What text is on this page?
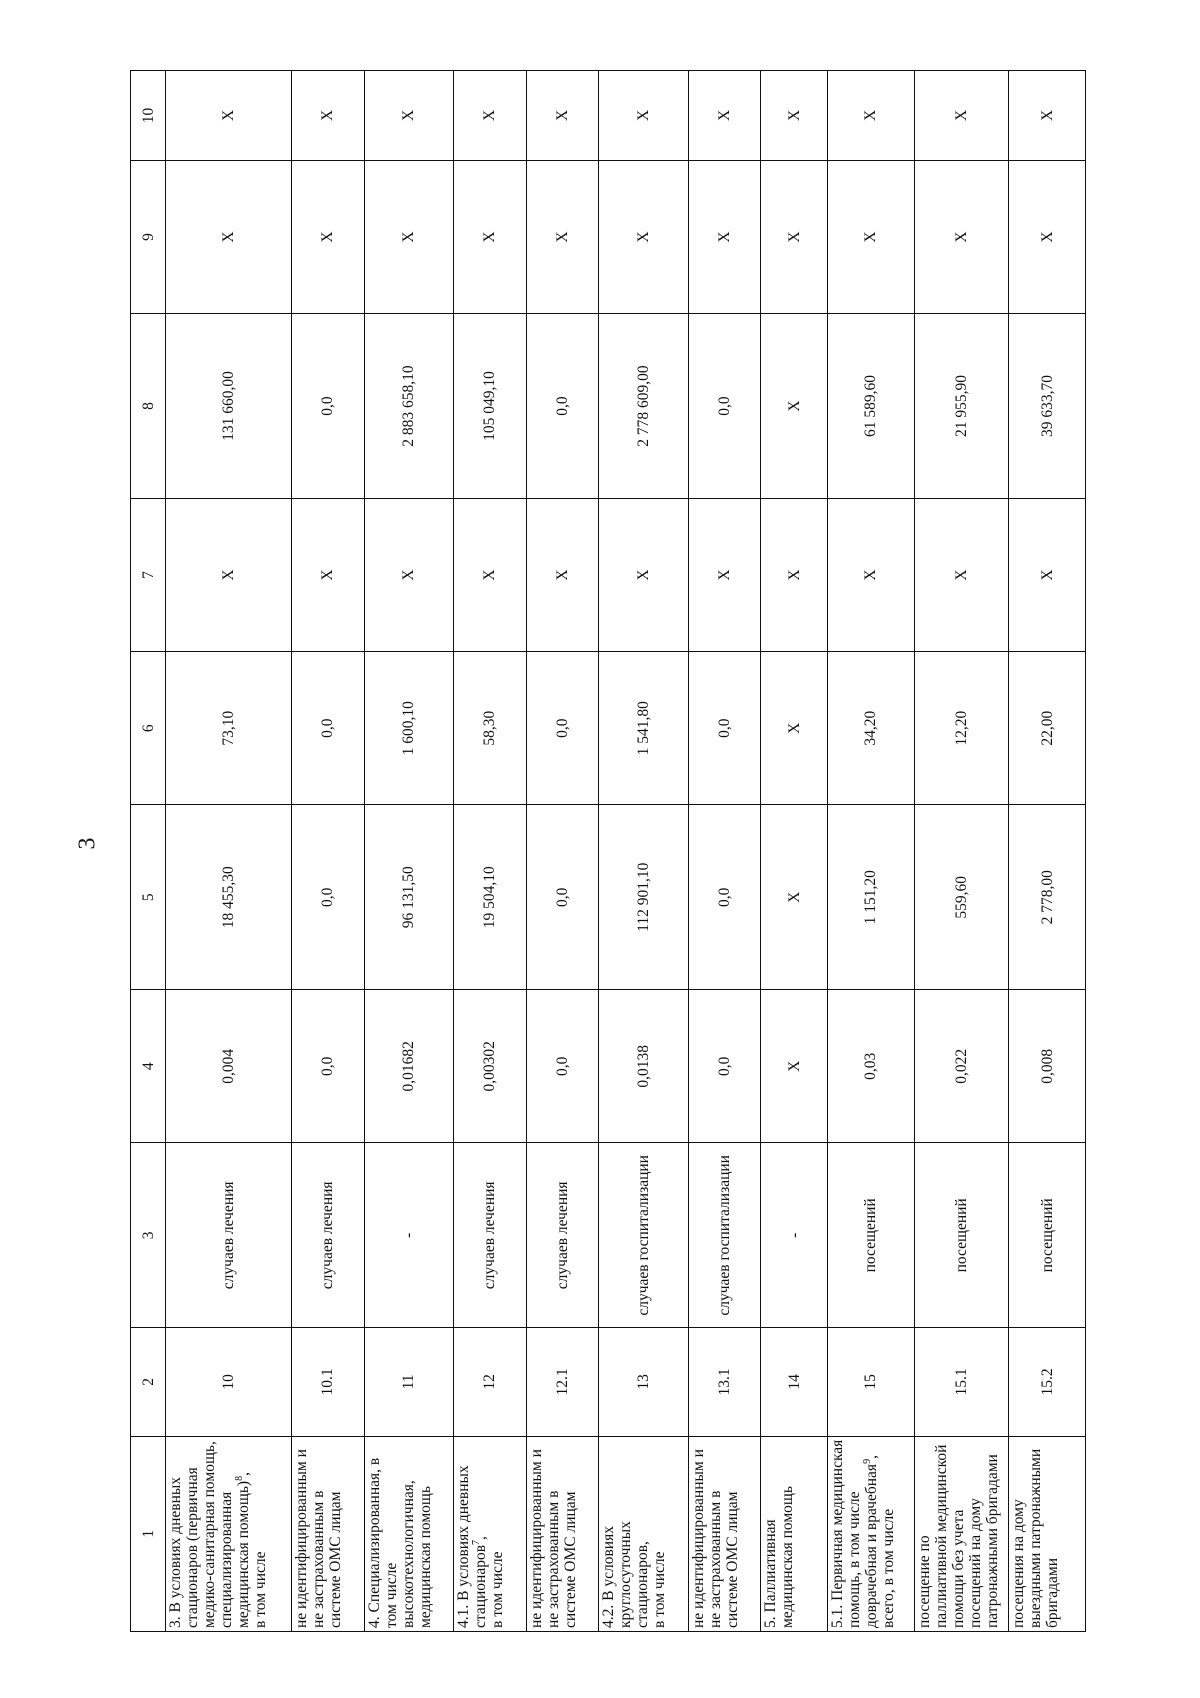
3
1	2	3	4	5	6	7	8	9	10
3. В условиях дневных стационаров (первичная медико-санитарная помощь, специализированная медицинская помощь)$^8$,
в том числе	10	случаев лечения	0,004	18 455,30	73,10	Х	131 660,00	Х	Х
не идентифицированным и не застрахованным в системе ОМС лицам	10.1	случаев лечения	0,0	0,0	0,0	Х	0,0	Х	Х
4. Специализированная, в том числе высокотехнологичная, медицинская помощь	11	-	0,01682	96 131,50	1 600,10	Х	2 883 658,10	Х	Х
4.1. В условиях дневных стационаров$^7$,
в том числе	12	случаев лечения	0,00302	19 504,10	58,30	Х	105 049,10	Х	Х
не идентифицированным и не застрахованным в системе ОМС лицам	12.1	случаев лечения	0,0	0,0	0,0	Х	0,0	Х	Х
4.2. В условиях круглосуточных стационаров,
в том числе	13	случаев госпитализации	0,0138	112 901,10	1 541,80	Х	2 778 609,00	Х	Х
не идентифицированным и не застрахованным в системе ОМС лицам	13.1	случаев госпитализации	0,0	0,0	0,0	Х	0,0	Х	Х
5. Паллиативная медицинская помощь	14	-	Х	Х	Х	Х	Х	Х	Х
5.1. Первичная медицинская помощь, в том числе доврачебная и врачебная$^9$,
всего, в том числе	15	посещений	0,03	1 151,20	34,20	Х	61 589,60	Х	Х
посещение по паллиативной медицинской помощи без учета посещений на дому патронажными бригадами	15.1	посещений	0,022	559,60	12,20	Х	21 955,90	Х	Х
посещения на дому выездными патронажными бригадами	15.2	посещений	0,008	2 778,00	22,00	Х	39 633,70	Х	Х
